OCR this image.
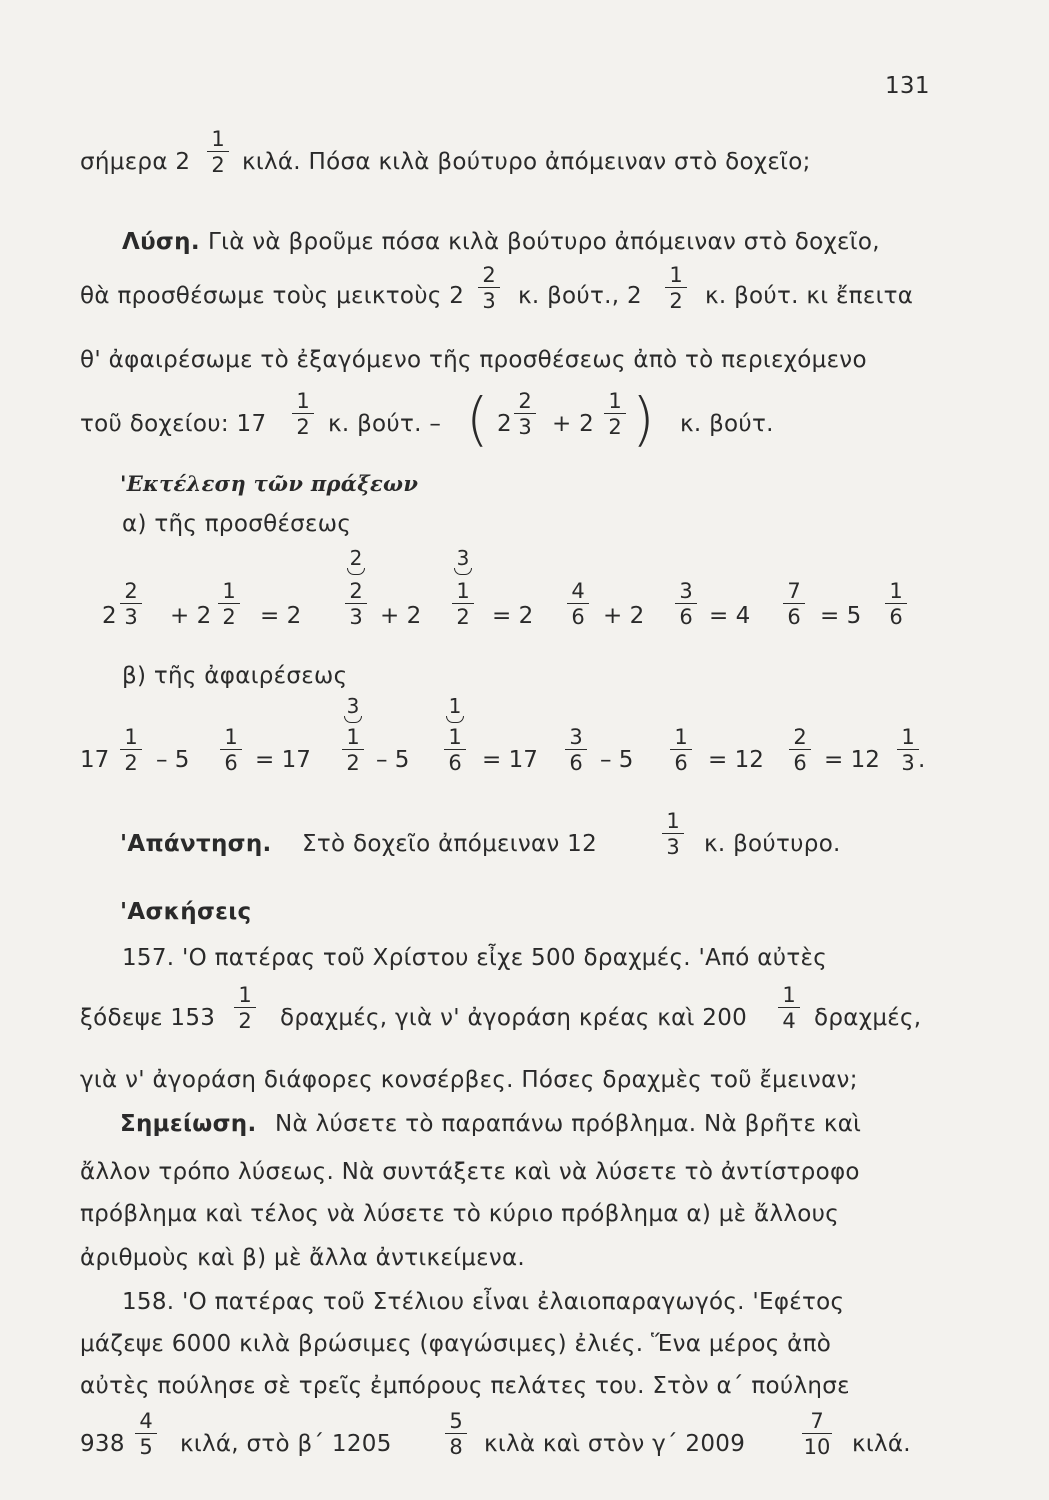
131
σήμερα 2
1
2 κιλά. Πόσα κιλὰ βούτυρο ἀπόμειναν στὸ δοχεῖο;
Λύση. Γιὰ νὰ βροῦμε πόσα κιλὰ βούτυρο ἀπόμειναν στὸ δοχεῖο,
θὰ προσθέσωμε τοὺς μεικτοὺς 2
2
3 κ. βούτ., 2
1
2 κ. βούτ. κι ἔπειτα
θ' ἀφαιρέσωμε τὸ ἐξαγόμενο τῆς προσθέσεως ἀπὸ τὸ περιεχόμενο
τοῦ δοχείου: 17
1
2 κ. βούτ. – ( 2
2
3 + 2
1
2 ) κ. βούτ.
'Εκτέλεση τῶν πράξεων
α) τῆς προσθέσεως
2	3
2
2
3 + 2
1
2 = 2
2
3 + 2
1
2 = 2
4
6 + 2
3
6 = 4
7
6 = 5
1
6
β) τῆς ἀφαιρέσεως
3	1
17
1
2 – 5
1
6 = 17
1
2 – 5
1
6 = 17
3
6 – 5
1
6 = 12
2
6 = 12
1
3 .
'Απάντηση. Στὸ δοχεῖο ἀπόμειναν 12
1
3 κ. βούτυρο.
'Ασκήσεις
157. 'Ο πατέρας τοῦ Χρίστου εἶχε 500 δραχμές. 'Από αὐτὲς
ξόδεψε 153
1
2 δραχμές, γιὰ ν' ἀγοράση κρέας καὶ 200
1
4 δραχμές,
γιὰ ν' ἀγοράση διάφορες κονσέρβες. Πόσες δραχμὲς τοῦ ἔμειναν;
Σημείωση. Νὰ λύσετε τὸ παραπάνω πρόβλημα. Νὰ βρῆτε καὶ
ἄλλον τρόπο λύσεως. Νὰ συντάξετε καὶ νὰ λύσετε τὸ ἀντίστροφο
πρόβλημα καὶ τέλος νὰ λύσετε τὸ κύριο πρόβλημα α) μὲ ἄλλους
ἀριθμοὺς καὶ β) μὲ ἄλλα ἀντικείμενα.
158. 'Ο πατέρας τοῦ Στέλιου εἶναι ἐλαιοπαραγωγός. 'Εφέτος
μάζεψε 6000 κιλὰ βρώσιμες (φαγώσιμες) ἐλιές. Ἕνα μέρος ἀπὸ
αὐτὲς πούλησε σὲ τρεῖς ἐμπόρους πελάτες του. Στὸν α΄ πούλησε
938
4
5 κιλά, στὸ β΄ 1205
5
8 κιλὰ καὶ στὸν γ΄ 2009
7
10 κιλά.
